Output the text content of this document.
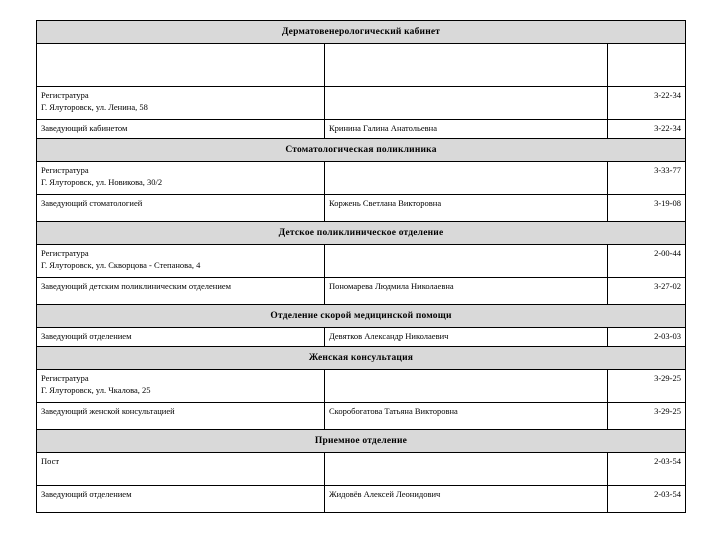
Дерматовенерологический кабинет		

Регистратура
Г. Ялуторовск, ул. Ленина, 58		3-22-34

Заведующий кабинетом	Кринина Галина Анатольевна	3-22-34
Стоматологическая поликлиника		

Регистратура
Г. Ялуторовск, ул. Новикова, 30/2		3-33-77

Заведующий стоматологией	Коржень Светлана Викторовна	3-19-08
Детское поликлиническое отделение		

Регистратура
Г. Ялуторовск, ул. Скворцова - Степанова, 4		2-00-44

Заведующий детским поликлиническим отделением	Пономарева Людмила Николаевна	3-27-02
Отделение скорой медицинской помощи		

Заведующий отделением	Девятков Александр Николаевич	2-03-03
Женская консультация		

Регистратура
Г. Ялуторовск, ул. Чкалова, 25		3-29-25

Заведующий женской консультацией	Скоробогатова Татьяна Викторовна	3-29-25
Приемное отделение		

Пост		2-03-54

Заведующий отделением	Жидовёв Алексей Леонидович	2-03-54
